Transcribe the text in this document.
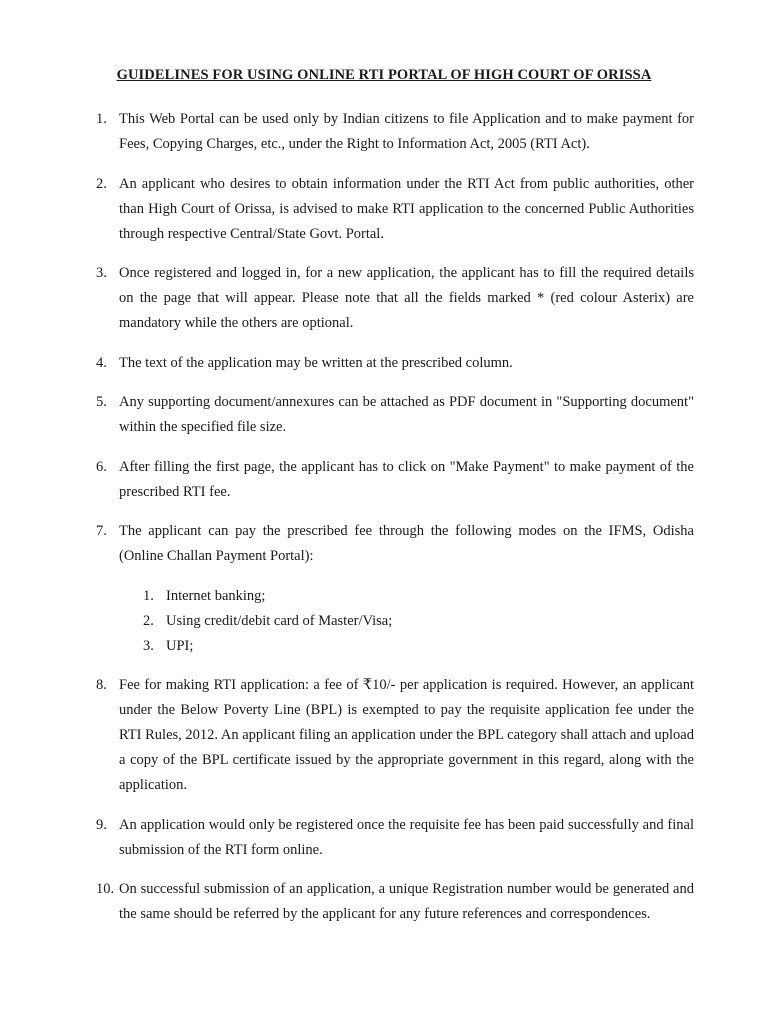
GUIDELINES FOR USING ONLINE RTI PORTAL OF HIGH COURT OF ORISSA
1. This Web Portal can be used only by Indian citizens to file Application and to make payment for Fees, Copying Charges, etc., under the Right to Information Act, 2005 (RTI Act).
2. An applicant who desires to obtain information under the RTI Act from public authorities, other than High Court of Orissa, is advised to make RTI application to the concerned Public Authorities through respective Central/State Govt. Portal.
3. Once registered and logged in, for a new application, the applicant has to fill the required details on the page that will appear. Please note that all the fields marked * (red colour Asterix) are mandatory while the others are optional.
4. The text of the application may be written at the prescribed column.
5. Any supporting document/annexures can be attached as PDF document in "Supporting document" within the specified file size.
6. After filling the first page, the applicant has to click on "Make Payment" to make payment of the prescribed RTI fee.
7. The applicant can pay the prescribed fee through the following modes on the IFMS, Odisha (Online Challan Payment Portal):
1. Internet banking;
2. Using credit/debit card of Master/Visa;
3. UPI;
8. Fee for making RTI application: a fee of ₹10/- per application is required. However, an applicant under the Below Poverty Line (BPL) is exempted to pay the requisite application fee under the RTI Rules, 2012. An applicant filing an application under the BPL category shall attach and upload a copy of the BPL certificate issued by the appropriate government in this regard, along with the application.
9. An application would only be registered once the requisite fee has been paid successfully and final submission of the RTI form online.
10. On successful submission of an application, a unique Registration number would be generated and the same should be referred by the applicant for any future references and correspondences.
